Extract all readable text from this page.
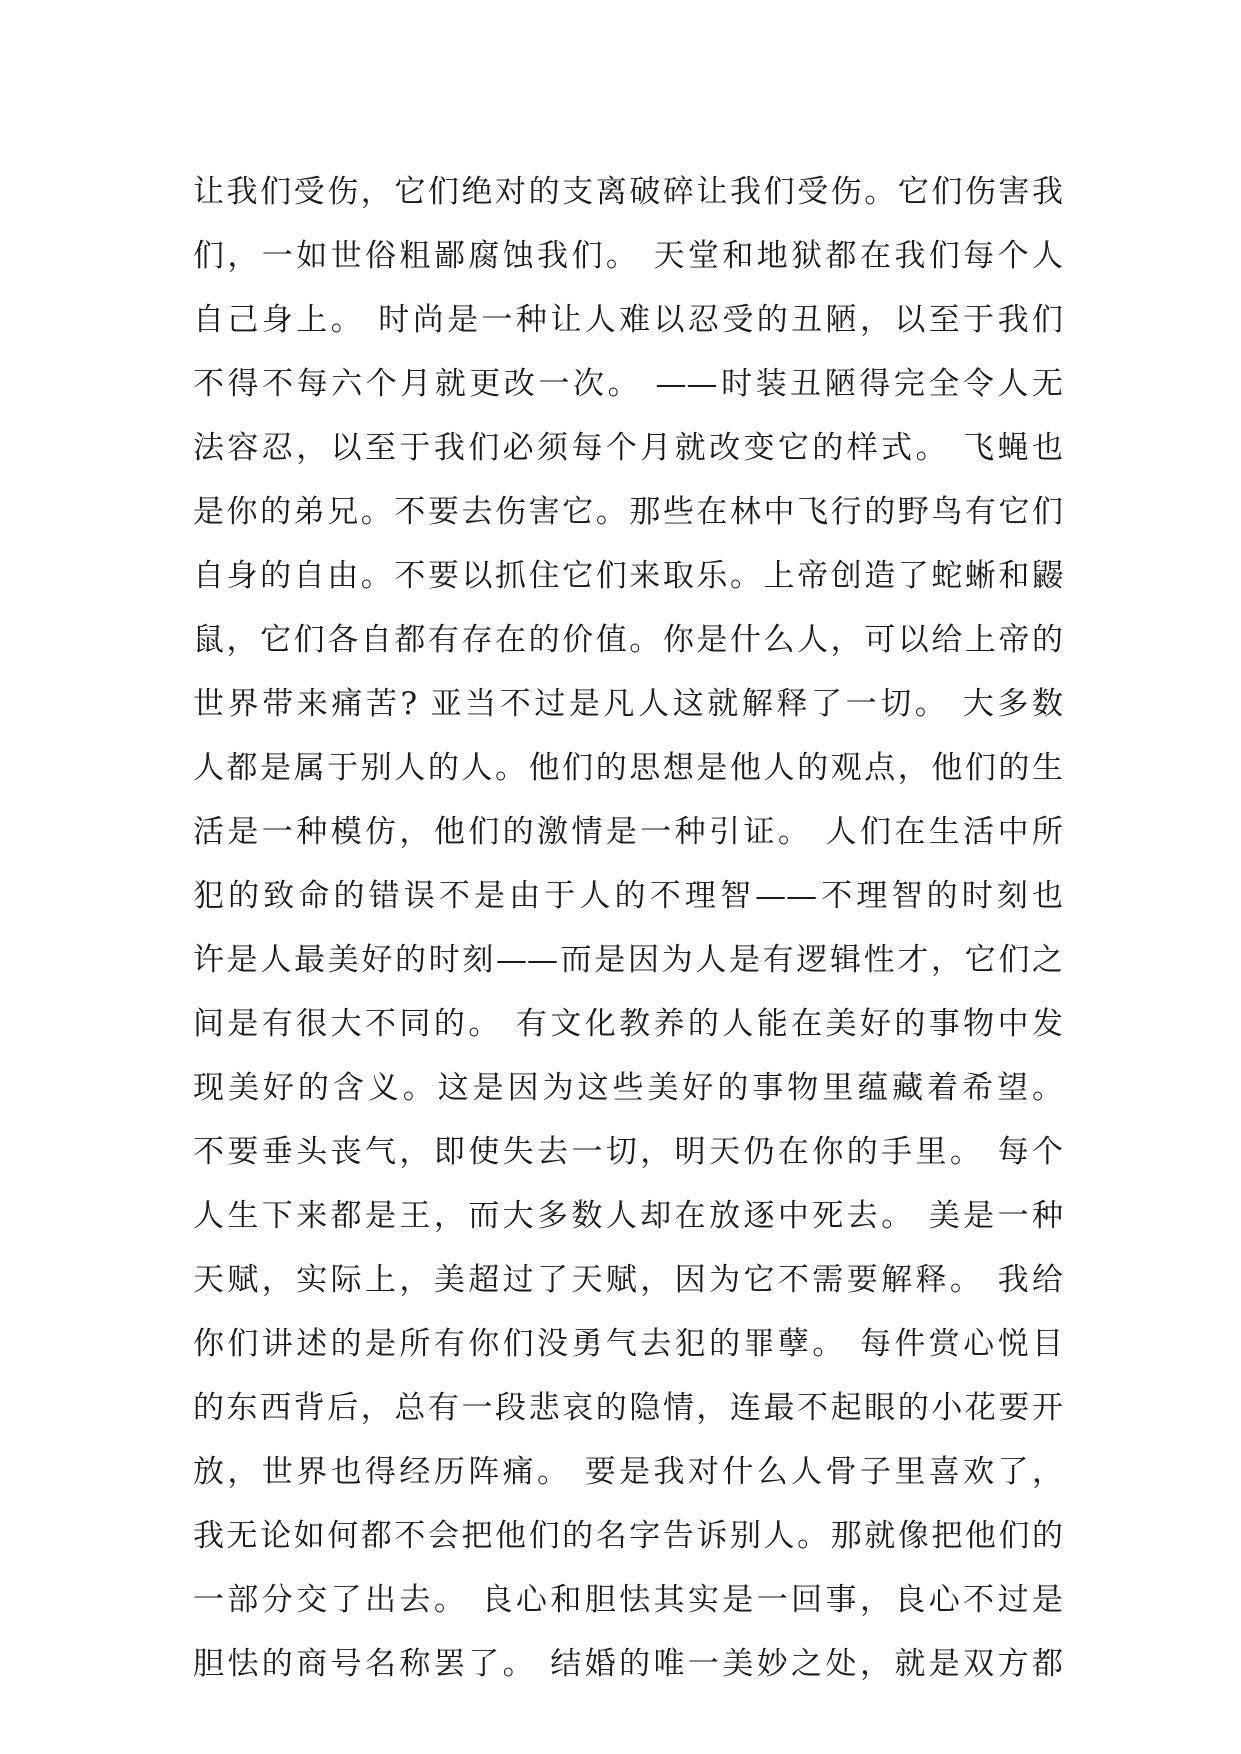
让我们受伤，它们绝对的支离破碎让我们受伤。它们伤害我
们，一如世俗粗鄙腐蚀我们。 天堂和地狱都在我们每个人
自己身上。 时尚是一种让人难以忍受的丑陋，以至于我们
不得不每六个月就更改一次。 ——时装丑陋得完全令人无
法容忍，以至于我们必须每个月就改变它的样式。 飞蝇也
是你的弟兄。不要去伤害它。那些在林中飞行的野鸟有它们
自身的自由。不要以抓住它们来取乐。上帝创造了蛇蜥和鼹
鼠，它们各自都有存在的价值。你是什么人，可以给上帝的
世界带来痛苦? 亚当不过是凡人这就解释了一切。 大多数
人都是属于别人的人。他们的思想是他人的观点，他们的生
活是一种模仿，他们的激情是一种引证。 人们在生活中所
犯的致命的错误不是由于人的不理智——不理智的时刻也
许是人最美好的时刻——而是因为人是有逻辑性才，它们之
间是有很大不同的。 有文化教养的人能在美好的事物中发
现美好的含义。这是因为这些美好的事物里蕴藏着希望。
不要垂头丧气，即使失去一切，明天仍在你的手里。 每个
人生下来都是王，而大多数人却在放逐中死去。 美是一种
天赋，实际上，美超过了天赋，因为它不需要解释。 我给
你们讲述的是所有你们没勇气去犯的罪孽。 每件赏心悦目
的东西背后，总有一段悲哀的隐情，连最不起眼的小花要开
放，世界也得经历阵痛。 要是我对什么人骨子里喜欢了，
我无论如何都不会把他们的名字告诉别人。那就像把他们的
一部分交了出去。 良心和胆怯其实是一回事，良心不过是
胆怯的商号名称罢了。 结婚的唯一美妙之处，就是双方都
